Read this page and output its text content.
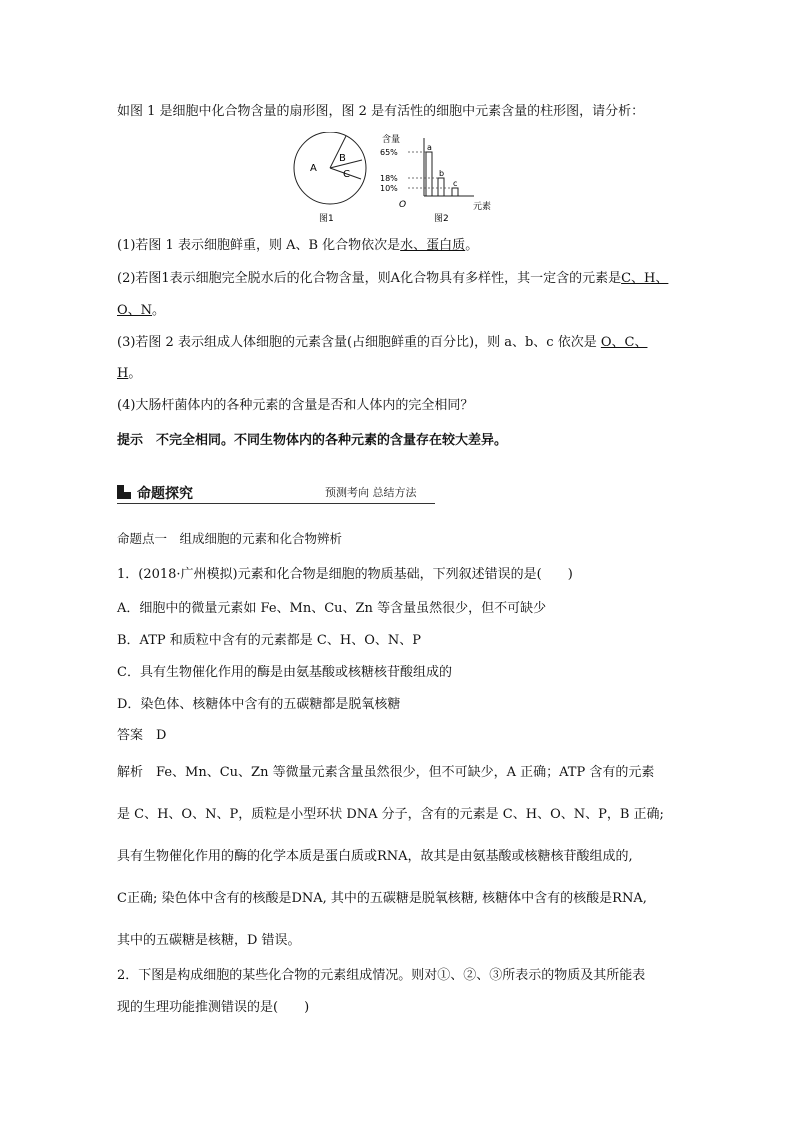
如图 1 是细胞中化合物含量的扇形图，图 2 是有活性的细胞中元素含量的柱形图，请分析：
A
B
C
图1
含量
65%
18%
10%
a
b
c
O	元素
图2
(1)若图 1 表示细胞鲜重，则 A、B 化合物依次是水、蛋白质。
(2)若图1表示细胞完全脱水后的化合物含量，则A化合物具有多样性，其一定含的元素是C、H、
O、N。
(3)若图 2 表示组成人体细胞的元素含量(占细胞鲜重的百分比)，则 a、b、c 依次是 O、C、
H。
(4)大肠杆菌体内的各种元素的含量是否和人体内的完全相同？
提示　 不完全相同。不同生物体内的各种元素的含量存在较大差异。
命题探究	预测考向 总结方法
命题点一　组成细胞的元素和化合物辨析
1．(2018·广州模拟)元素和化合物是细胞的物质基础，下列叙述错误的是(　　)
A．细胞中的微量元素如 Fe、Mn、Cu、Zn 等含量虽然很少，但不可缺少
B．ATP 和质粒中含有的元素都是 C、H、O、N、P
C．具有生物催化作用的酶是由氨基酸或核糖核苷酸组成的
D．染色体、核糖体中含有的五碳糖都是脱氧核糖
答案　 D
解析　 Fe、Mn、Cu、Zn 等微量元素含量虽然很少，但不可缺少，A 正确；ATP 含有的元素
是 C、H、O、N、P，质粒是小型环状 DNA 分子，含有的元素是 C、H、O、N、P，B 正确;
具有生物催化作用的酶的化学本质是蛋白质或RNA，故其是由氨基酸或核糖核苷酸组成的,
C正确; 染色体中含有的核酸是DNA, 其中的五碳糖是脱氧核糖, 核糖体中含有的核酸是RNA,
其中的五碳糖是核糖，D 错误。
2．下图是构成细胞的某些化合物的元素组成情况。则对①、②、③所表示的物质及其所能表
现的生理功能推测错误的是(　　)
